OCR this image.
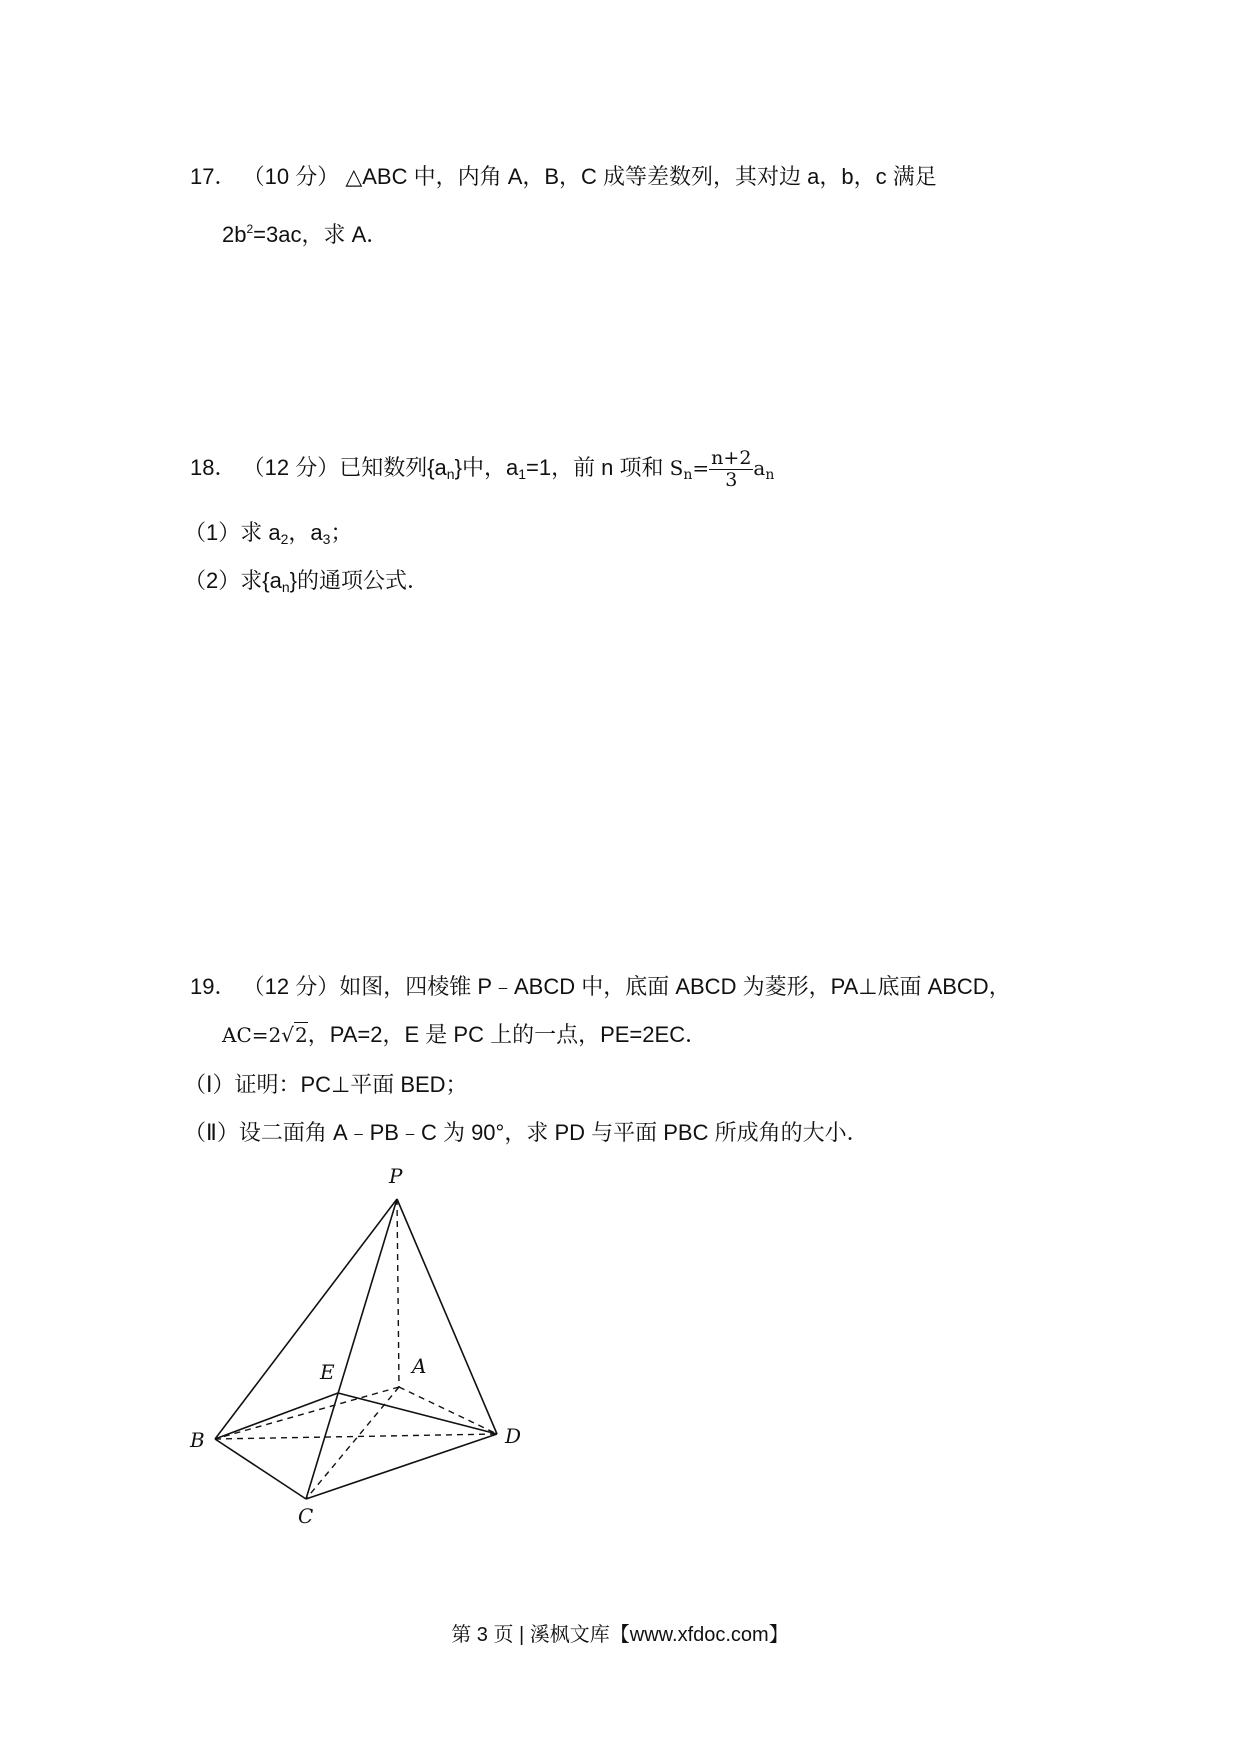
17． （10 分） △ABC 中，内角 A，B，C 成等差数列，其对边 a，b，c 满足
$2b^2=3ac$，求 A．
18． （12 分）已知数列$\{a_n\}$中，$a_1=1$，前 n 项和 $S_n= \frac{n+2}{3} a_n$
（1）求 $a_2$，$a_3$；
（2）求$\{a_n\}$的通项公式．
19． （12 分）如图，四棱锥 P﹣ABCD 中，底面 ABCD 为菱形，PA⊥底面 ABCD，
AC=2√2，PA=2，E 是 PC 上的一点，PE=2EC．
（Ⅰ）证明：PC⊥平面 BED；
（Ⅱ）设二面角 A﹣PB﹣C 为 90°，求 PD 与平面 PBC 所成角的大小．
P
E	A
B
C
D
第 3 页 | 溪枫文库【www.xfdoc.com】
